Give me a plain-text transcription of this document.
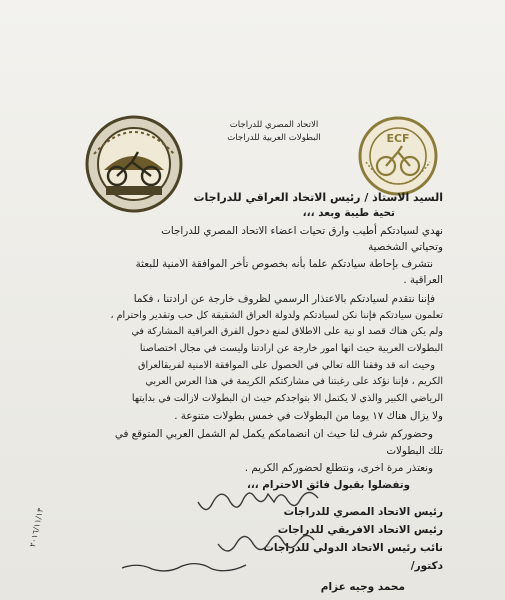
الاتحاد المصري للدراجات
البطولات العربية للدراجات	ECF
السيد الاستاذ / رئيس الاتحاد العراقي للدراجات
تحية طيبة وبعد ،،،
نهدي لسيادتكم أطيب وارق تحيات اعضاء الاتحاد المصري للدراجات
وتحياتي الشخصية
نتشرف بإحاطة سيادتكم علما بأنه بخصوص تأخر الموافقة الامنية للبعثة
العراقية .
فإننا نتقدم لسيادتكم بالاعتذار الرسمي لظروف خارجة عن ارادتنا ، فكما
تعلمون سيادتكم فإننا نكن لسيادتكم ولدولة العراق الشقيقة كل حب وتقدير واحترام ،
ولم يكن هناك قصد او نية على الاطلاق لمنع دخول الفرق العراقية المشاركة في
البطولات العربية حيث انها امور خارجة عن ارادتنا وليست في مجال اختصاصنا
وحيث انه قد وفقنا الله تعالي في الحصول على الموافقة الامنية لفريقالعراق
الكريم ، فإننا نؤكد على رغبتنا في مشاركتكم الكريمة في هذا العرس العربي
الرياضي الكبير والذي لا يكتمل الا بتواجدكم حيث ان البطولات لازالت في بدايتها
ولا يزال هناك ١٧ يوما من البطولات في خمس بطولات متنوعة .
وحضوركم شرف لنا حيث ان انضمامكم يكمل لم الشمل العربي المتوقع في
تلك البطولات
ونعتذر مرة اخرى، ونتطلع لحضوركم الكريم .
وتفضلوا بقبول فائق الاحترام ،،،
رئيس الاتحاد المصري للدراجات
رئيس الاتحاد الافريقي للدراجات
نائب رئيس الاتحاد الدولي للدراجات
دكتور/
محمد وجيه عزام
٢٠١٦/١١/١٣
